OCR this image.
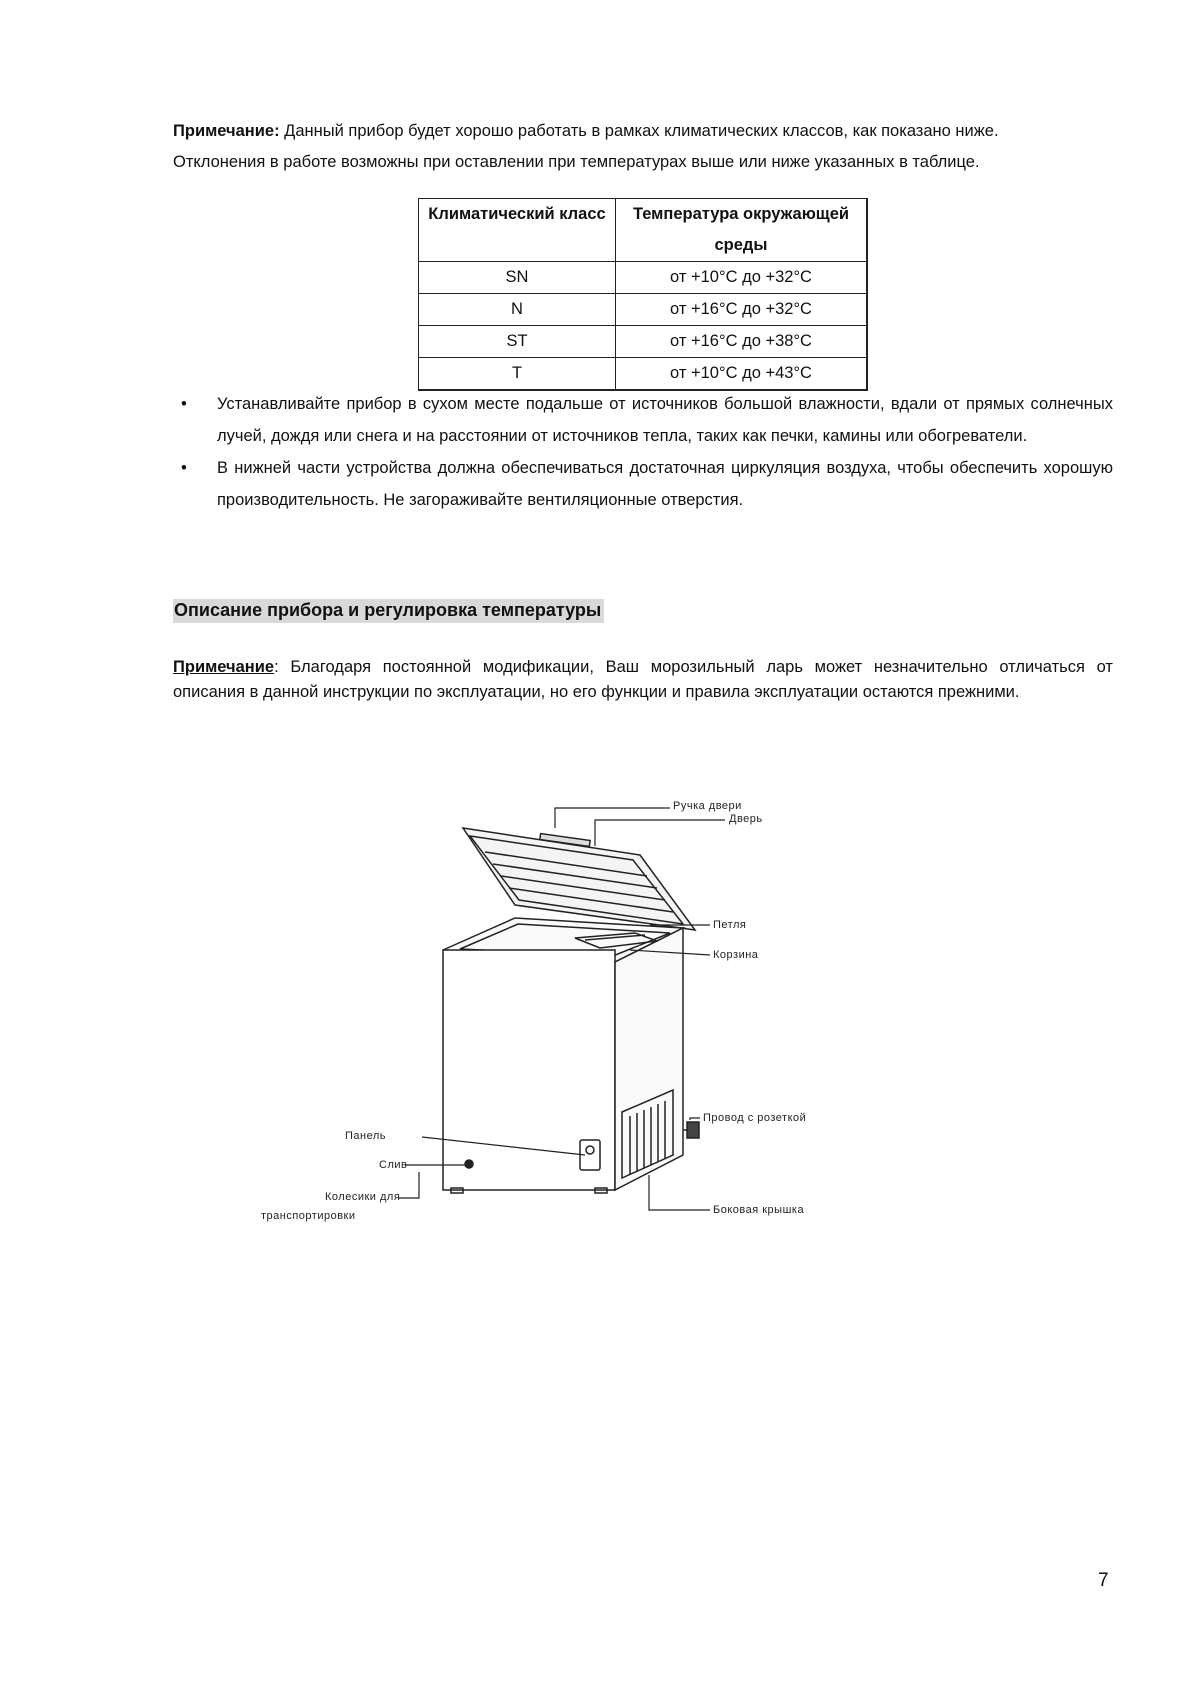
Примечание: Данный прибор будет хорошо работать в рамках климатических классов, как показано ниже. Отклонения в работе возможны при оставлении при температурах выше или ниже указанных в таблице.
Климатический класс	Температура окружающей среды
SN	от +10°C до +32°C
N	от +16°C до +32°C
ST	от +16°C до +38°C
T	от +10°C до +43°C
• Устанавливайте прибор в сухом месте подальше от источников большой влажности, вдали от прямых солнечных лучей, дождя или снега и на расстоянии от источников тепла, таких как печки, камины или обогреватели.
• В нижней части устройства должна обеспечиваться достаточная циркуляция воздуха, чтобы обеспечить хорошую производительность. Не загораживайте вентиляционные отверстия.
Описание прибора и регулировка температуры
Примечание: Благодаря постоянной модификации, Ваш морозильный ларь может незначительно отличаться от описания в данной инструкции по эксплуатации, но его функции и правила эксплуатации остаются прежними.
Ручка двери
Дверь
Петля
Корзина
Провод с розеткой
Боковая крышка
Панель
Слив
Колесики для
транспортировки
7
